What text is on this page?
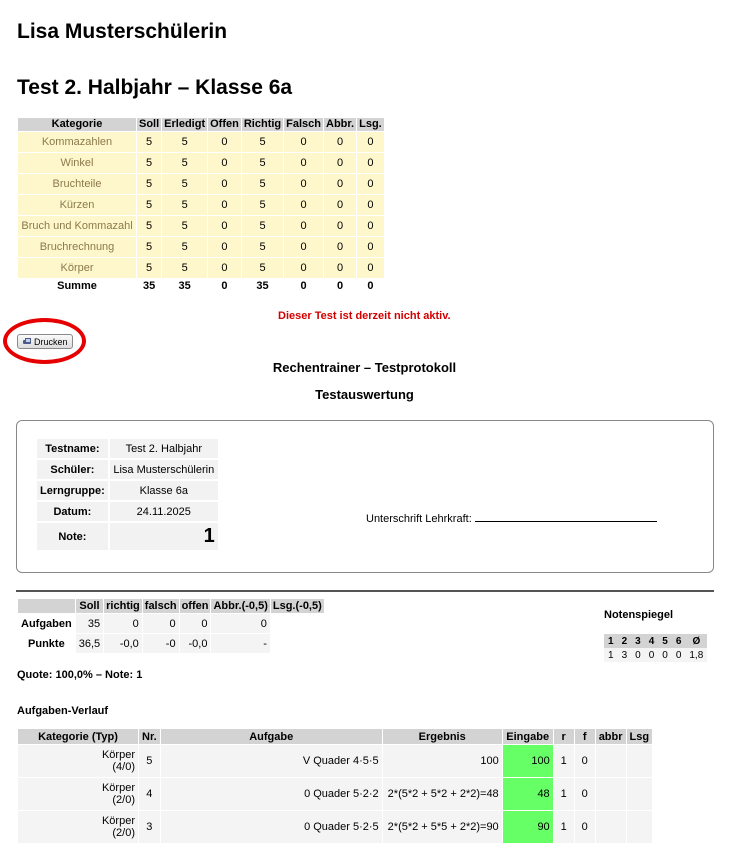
Lisa Musterschülerin
Test 2. Halbjahr – Klasse 6a
Kategorie	Soll	Erledigt	Offen	Richtig	Falsch	Abbr.	Lsg.
Kommazahlen	5	5	0	5	0	0	0
Winkel	5	5	0	5	0	0	0
Bruchteile	5	5	0	5	0	0	0
Kürzen	5	5	0	5	0	0	0
Bruch und Kommazahl	5	5	0	5	0	0	0
Bruchrechnung	5	5	0	5	0	0	0
Körper	5	5	0	5	0	0	0
Summe	35	35	0	35	0	0	0
Dieser Test ist derzeit nicht aktiv.
Drucken
Rechentrainer – Testprotokoll
Testauswertung
Testname:	Test 2. Halbjahr
Schüler:	Lisa Musterschülerin
Lerngruppe:	Klasse 6a
Datum:	24.11.2025
Note:	1
Unterschrift Lehrkraft:
	Soll	richtig	falsch	offen	Abbr.(-0,5)	Lsg.(-0,5)
Aufgaben	35	0	0	0	0	
Punkte	36,5	-0,0	-0	-0,0	-	
Notenspiegel
1	2	3	4	5	6	Ø
1	3	0	0	0	0	1,8
Quote: 100,0% – Note: 1
Aufgaben-Verlauf
Kategorie (Typ)	Nr.	Aufgabe	Ergebnis	Eingabe	r	f	abbr	Lsg

Körper
(4/0)	5	V Quader 4·5·5	100	100	1	0		

Körper
(2/0)	4	0 Quader 5·2·2	2*(5*2 + 5*2 + 2*2)=48	48	1	0		

Körper
(2/0)	3	0 Quader 5·2·5	2*(5*2 + 5*5 + 2*2)=90	90	1	0		
